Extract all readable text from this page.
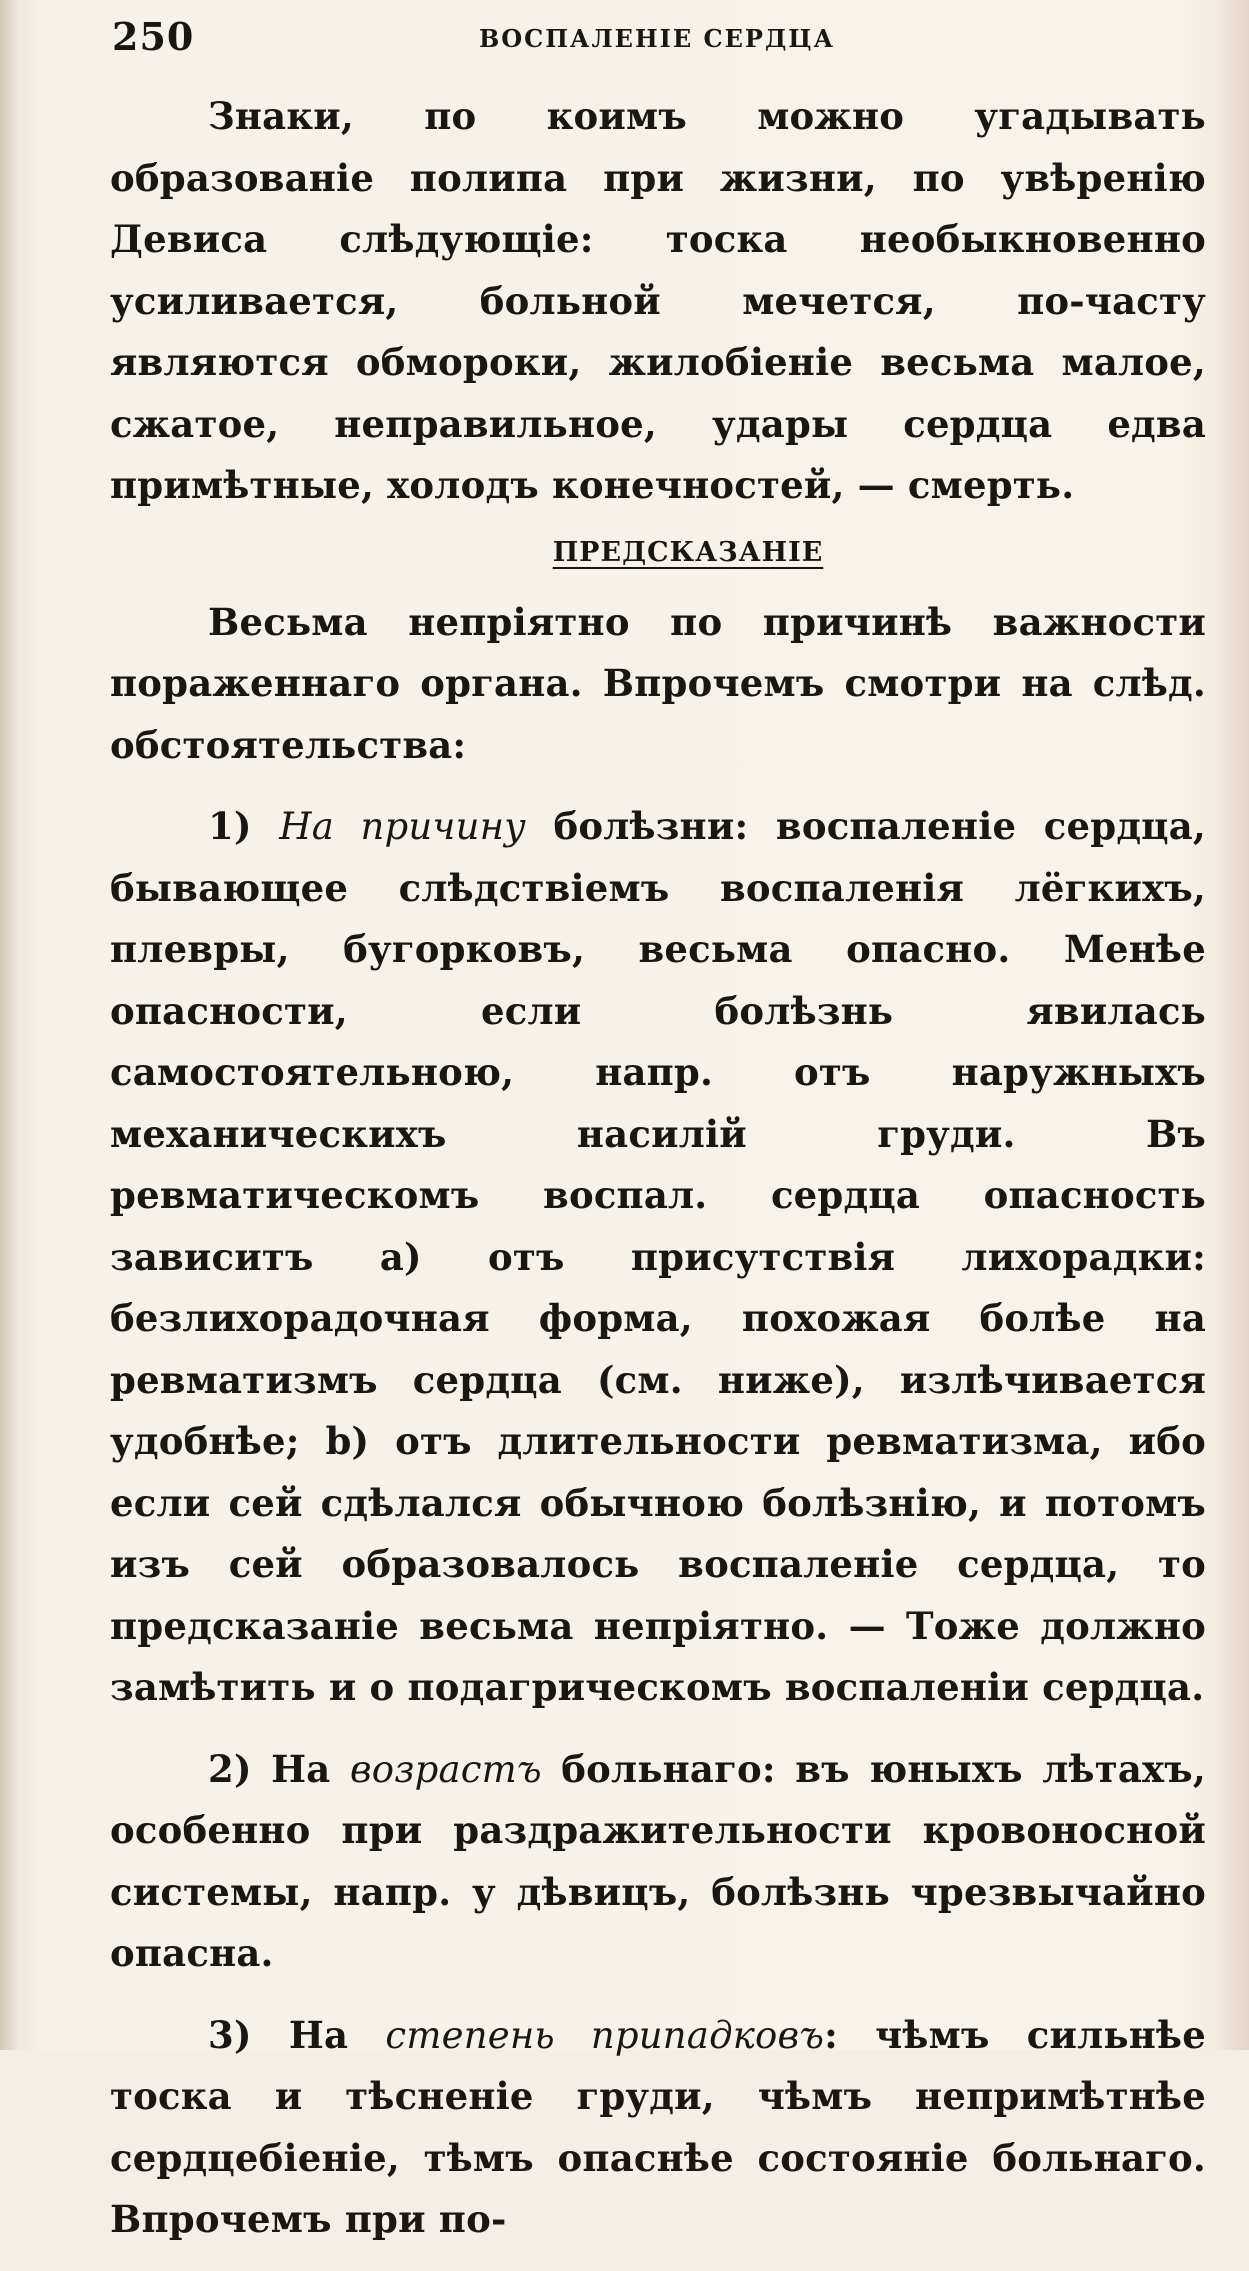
250	ВОСПАЛЕНІЕ СЕРДЦА

Знаки, по коимъ можно угадывать образованіе полипа при жизни, по увѣренію Девиса слѣдующіе: тоска необыкновенно усиливается, больной мечется, по-часту являются обмороки, жилобіеніе весьма малое, сжатое, неправильное, удары сердца едва примѣтные, холодъ конечностей, — смерть.

ПРЕДСКАЗАНІЕ

Весьма непріятно по причинѣ важности пораженнаго органа. Впрочемъ смотри на слѣд. обстоятельства:

1) На причину болѣзни: воспаленіе сердца, бывающее слѣдствіемъ воспаленія лёгкихъ, плевры, бугорковъ, весьма опасно. Менѣе опасности, если болѣзнь явилась самостоятельною, напр. отъ наружныхъ механическихъ насилій груди. Въ ревматическомъ воспал. сердца опасность зависитъ a) отъ присутствія лихорадки: безлихорадочная форма, похожая болѣе на ревматизмъ сердца (см. ниже), излѣчивается удобнѣе; b) отъ длительности ревматизма, ибо если сей сдѣлался обычною болѣзнію, и потомъ изъ сей образовалось воспаленіе сердца, то предсказаніе весьма непріятно. — Тоже должно замѣтить и о подагрическомъ воспаленіи сердца.

2) На возрастъ больнаго: въ юныхъ лѣтахъ, особенно при раздражительности кровоносной системы, напр. у дѣвицъ, болѣзнь чрезвычайно опасна.

3) На степень припадковъ: чѣмъ сильнѣе тоска и тѣсненіе груди, чѣмъ непримѣтнѣе сердцебіеніе, тѣмъ опаснѣе состояніе больнаго. Впрочемъ при по-
